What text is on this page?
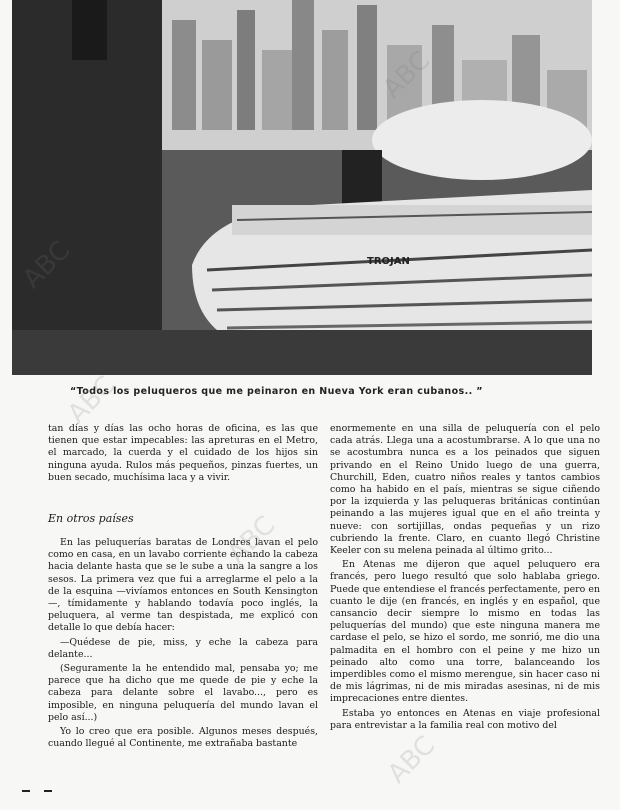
TROJAN
“Todos los peluqueros que me peinaron en Nueva York eran cubanos.. ”

tan días y días las ocho horas de oficina, es las que tienen que estar impecables: las apreturas en el Metro, el marcado, la cuerda y el cuidado de los hijos sin ninguna ayuda. Rulos más pequeños, pinzas fuertes, un buen secado, muchísima laca y a vivir.

En otros países

En las peluquerías baratas de Londres lavan el pelo como en casa, en un lavabo corriente echando la cabeza hacia delante hasta que se le sube a una la sangre a los sesos. La primera vez que fui a arreglarme el pelo a la de la esquina —vivíamos entonces en South Kensington—, tímidamente y hablando todavía poco inglés, la peluquera, al verme tan despistada, me explicó con detalle lo que debía hacer:

—Quédese de pie, miss, y eche la cabeza para delante...

(Seguramente la he entendido mal, pensaba yo; me parece que ha dicho que me quede de pie y eche la cabeza para delante sobre el lavabo..., pero es imposible, en ninguna peluquería del mundo lavan el pelo así...)

Yo lo creo que era posible. Algunos meses después, cuando llegué al Continente, me extrañaba bastante

enormemente en una silla de peluquería con el pelo cada atrás. Llega una a acostumbrarse. A lo que una no se acostumbra nunca es a los peinados que siguen privando en el Reino Unido luego de una guerra, Churchill, Eden, cuatro niños reales y tantos cambios como ha habido en el país, mientras se sigue ciñendo por la izquierda y las peluqueras británicas continúan peinando a las mujeres igual que en el año treinta y nueve: con sortijillas, ondas pequeñas y un rizo cubriendo la frente. Claro, en cuanto llegó Christine Keeler con su melena peinada al último grito...

En Atenas me dijeron que aquel peluquero era francés, pero luego resultó que solo hablaba griego. Puede que entendiese el francés perfectamente, pero en cuanto le dije (en francés, en inglés y en español, que cansancio decir siempre lo mismo en todas las peluquerías del mundo) que este ninguna manera me cardase el pelo, se hizo el sordo, me sonrió, me dio una palmadita en el hombro con el peine y me hizo un peinado alto como una torre, balanceando los imperdibles como el mismo merengue, sin hacer caso ni de mis lágrimas, ni de mis miradas asesinas, ni de mis imprecaciones entre dientes.

Estaba yo entonces en Atenas en viaje profesional para entrevistar a la familia real con motivo del

ABC
ABC
ABC
